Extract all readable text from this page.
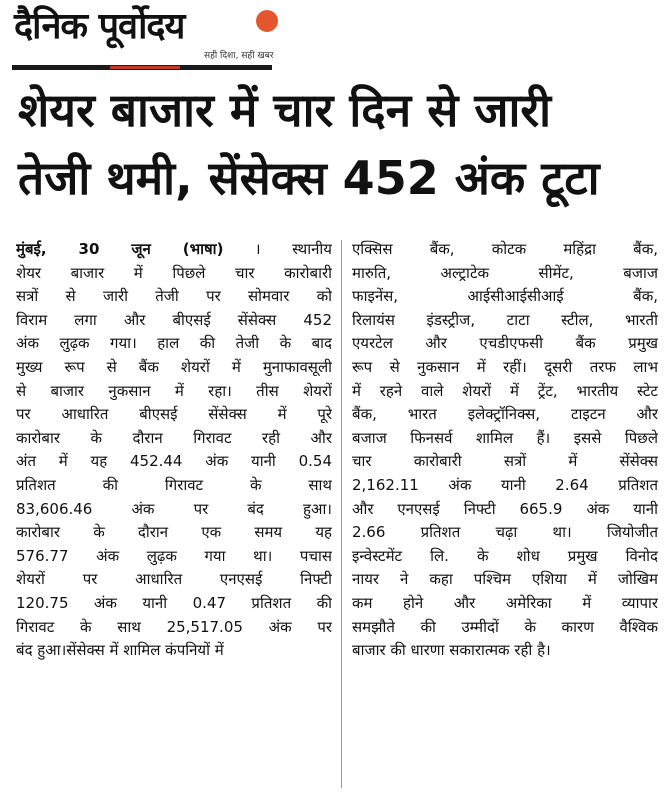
दैनिक पूर्वोदय
सही दिशा, सही खबर
शेयर बाजार में चार दिन से जारी
तेजी थमी, सेंसेक्स 452 अंक टूटा
मुंबई, 30 जून (भाषा) । स्थानीय
शेयर बाजार में पिछले चार कारोबारी
सत्रों से जारी तेजी पर सोमवार को
विराम लगा और बीएसई सेंसेक्स 452
अंक लुढ़क गया। हाल की तेजी के बाद
मुख्य रूप से बैंक शेयरों में मुनाफावसूली
से बाजार नुकसान में रहा। तीस शेयरों
पर आधारित बीएसई सेंसेक्स में पूरे
कारोबार के दौरान गिरावट रही और
अंत में यह 452.44 अंक यानी 0.54
प्रतिशत की गिरावट के साथ
83,606.46 अंक पर बंद हुआ।
कारोबार के दौरान एक समय यह
576.77 अंक लुढ़क गया था। पचास
शेयरों पर आधारित एनएसई निफ्टी
120.75 अंक यानी 0.47 प्रतिशत की
गिरावट के साथ 25,517.05 अंक पर
बंद हुआ।सेंसेक्स में शामिल कंपनियों में
एक्सिस बैंक, कोटक महिंद्रा बैंक,
मारुति, अल्ट्राटेक सीमेंट, बजाज
फाइनेंस, आईसीआईसीआई बैंक,
रिलायंस इंडस्ट्रीज, टाटा स्टील, भारती
एयरटेल और एचडीएफसी बैंक प्रमुख
रूप से नुकसान में रहीं। दूसरी तरफ लाभ
में रहने वाले शेयरों में ट्रेंट, भारतीय स्टेट
बैंक, भारत इलेक्ट्रॉनिक्स, टाइटन और
बजाज फिनसर्व शामिल हैं। इससे पिछले
चार कारोबारी सत्रों में सेंसेक्स
2,162.11 अंक यानी 2.64 प्रतिशत
और एनएसई निफ्टी 665.9 अंक यानी
2.66 प्रतिशत चढ़ा था। जियोजीत
इन्वेस्टमेंट लि. के शोध प्रमुख विनोद
नायर ने कहा पश्चिम एशिया में जोखिम
कम होने और अमेरिका में व्यापार
समझौते की उम्मीदों के कारण वैश्विक
बाजार की धारणा सकारात्मक रही है।
